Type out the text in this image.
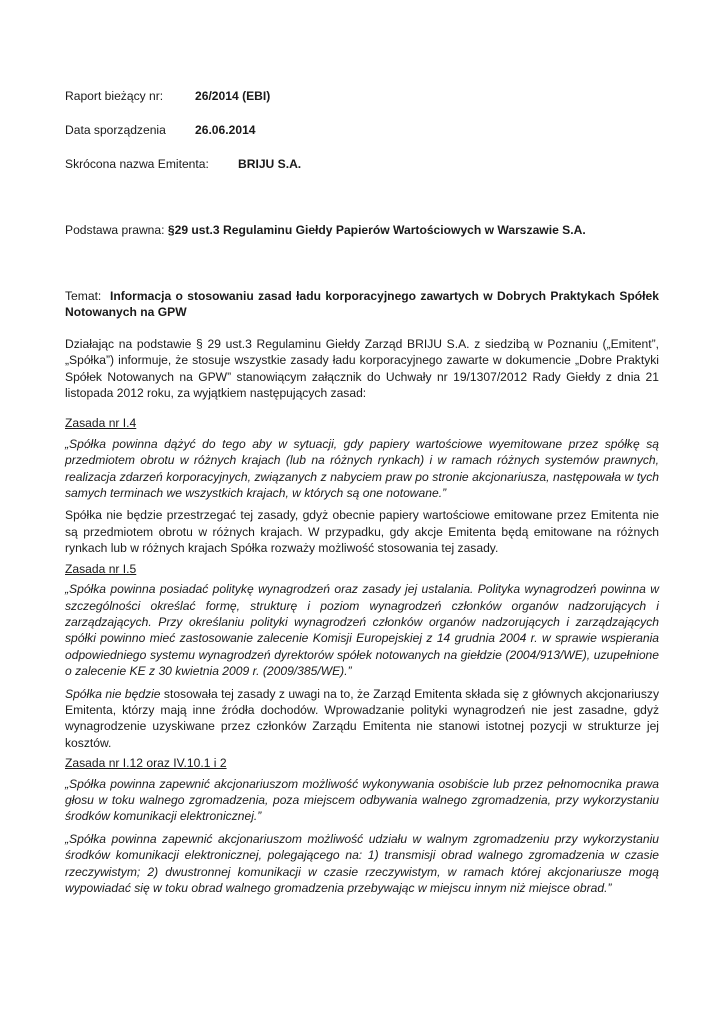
Raport bieżący nr:	26/2014 (EBI)
Data sporządzenia 26.06.2014
Skrócona nazwa Emitenta: BRIJU S.A.
Podstawa prawna: §29 ust.3 Regulaminu Giełdy Papierów Wartościowych w Warszawie S.A.

Temat: Informacja o stosowaniu zasad ładu korporacyjnego zawartych w Dobrych Praktykach Spółek Notowanych na GPW

Działając na podstawie § 29 ust.3 Regulaminu Giełdy Zarząd BRIJU S.A. z siedzibą w Poznaniu („Emitent”, „Spółka”) informuje, że stosuje wszystkie zasady ładu korporacyjnego zawarte w dokumencie „Dobre Praktyki Spółek Notowanych na GPW” stanowiącym załącznik do Uchwały nr 19/1307/2012 Rady Giełdy z dnia 21 listopada 2012 roku, za wyjątkiem następujących zasad:

Zasada nr I.4

„Spółka powinna dążyć do tego aby w sytuacji, gdy papiery wartościowe wyemitowane przez spółkę są przedmiotem obrotu w różnych krajach (lub na różnych rynkach) i w ramach różnych systemów prawnych, realizacja zdarzeń korporacyjnych, związanych z nabyciem praw po stronie akcjonariusza, następowała w tych samych terminach we wszystkich krajach, w których są one notowane.”

Spółka nie będzie przestrzegać tej zasady, gdyż obecnie papiery wartościowe emitowane przez Emitenta nie są przedmiotem obrotu w różnych krajach. W przypadku, gdy akcje Emitenta będą emitowane na różnych rynkach lub w różnych krajach Spółka rozważy możliwość stosowania tej zasady.

Zasada nr I.5

„Spółka powinna posiadać politykę wynagrodzeń oraz zasady jej ustalania. Polityka wynagrodzeń powinna w szczególności określać formę, strukturę i poziom wynagrodzeń członków organów nadzorujących i zarządzających. Przy określaniu polityki wynagrodzeń członków organów nadzorujących i zarządzających spółki powinno mieć zastosowanie zalecenie Komisji Europejskiej z 14 grudnia 2004 r. w sprawie wspierania odpowiedniego systemu wynagrodzeń dyrektorów spółek notowanych na giełdzie (2004/913/WE), uzupełnione o zalecenie KE z 30 kwietnia 2009 r. (2009/385/WE).”

Spółka nie będzie stosowała tej zasady z uwagi na to, że Zarząd Emitenta składa się z głównych akcjonariuszy Emitenta, którzy mają inne źródła dochodów. Wprowadzanie polityki wynagrodzeń nie jest zasadne, gdyż wynagrodzenie uzyskiwane przez członków Zarządu Emitenta nie stanowi istotnej pozycji w strukturze jej kosztów.

Zasada nr I.12 oraz IV.10.1 i 2

„Spółka powinna zapewnić akcjonariuszom możliwość wykonywania osobiście lub przez pełnomocnika prawa głosu w toku walnego zgromadzenia, poza miejscem odbywania walnego zgromadzenia, przy wykorzystaniu środków komunikacji elektronicznej.”

„Spółka powinna zapewnić akcjonariuszom możliwość udziału w walnym zgromadzeniu przy wykorzystaniu środków komunikacji elektronicznej, polegającego na: 1) transmisji obrad walnego zgromadzenia w czasie rzeczywistym; 2) dwustronnej komunikacji w czasie rzeczywistym, w ramach której akcjonariusze mogą wypowiadać się w toku obrad walnego gromadzenia przebywając w miejscu innym niż miejsce obrad.”
